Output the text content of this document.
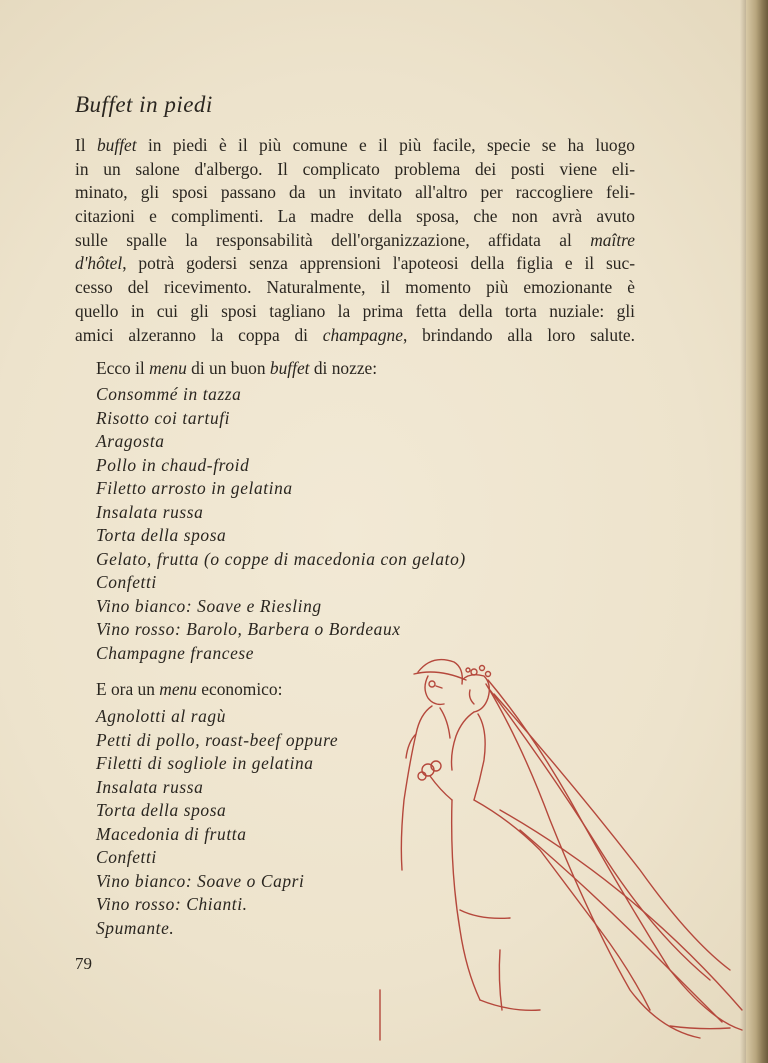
Buffet in piedi
Il buffet in piedi è il più comune e il più facile, specie se ha luogo
in un salone d'albergo. Il complicato problema dei posti viene eli-
minato, gli sposi passano da un invitato all'altro per raccogliere feli-
citazioni e complimenti. La madre della sposa, che non avrà avuto
sulle spalle la responsabilità dell'organizzazione, affidata al maître
d'hôtel, potrà godersi senza apprensioni l'apoteosi della figlia e il suc-
cesso del ricevimento. Naturalmente, il momento più emozionante è
quello in cui gli sposi tagliano la prima fetta della torta nuziale: gli
amici alzeranno la coppa di champagne, brindando alla loro salute.

Ecco il menu di un buon buffet di nozze:

Consommé in tazza
Risotto coi tartufi
Aragosta
Pollo in chaud-froid
Filetto arrosto in gelatina
Insalata russa
Torta della sposa
Gelato, frutta (o coppe di macedonia con gelato)
Confetti
Vino bianco: Soave e Riesling
Vino rosso: Barolo, Barbera o Bordeaux
Champagne francese

E ora un menu economico:

Agnolotti al ragù
Petti di pollo, roast-beef oppure
Filetti di sogliole in gelatina
Insalata russa
Torta della sposa
Macedonia di frutta
Confetti
Vino bianco: Soave o Capri
Vino rosso: Chianti.
Spumante.

79
